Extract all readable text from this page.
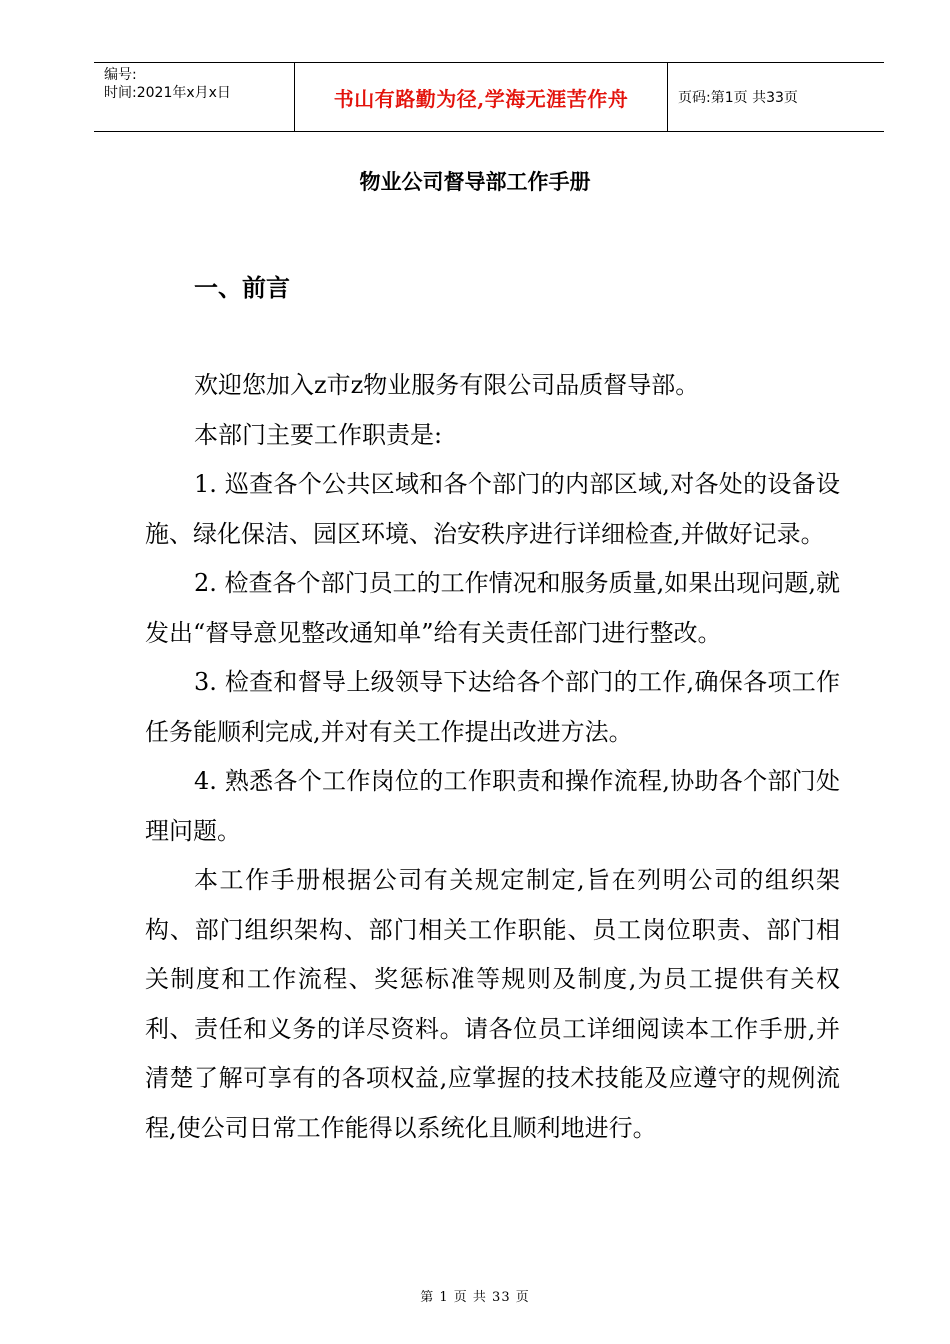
编号:
时间:2021年x月x日	书山有路勤为径,学海无涯苦作舟	页码:第1页 共33页
物业公司督导部工作手册
一、前言

欢迎您加入z市z物业服务有限公司品质督导部。

本部门主要工作职责是:

1. 巡查各个公共区域和各个部门的内部区域,对各处的设备设施、绿化保洁、园区环境、治安秩序进行详细检查,并做好记录。

2. 检查各个部门员工的工作情况和服务质量,如果出现问题,就发出“督导意见整改通知单”给有关责任部门进行整改。

3. 检查和督导上级领导下达给各个部门的工作,确保各项工作任务能顺利完成,并对有关工作提出改进方法。

4. 熟悉各个工作岗位的工作职责和操作流程,协助各个部门处理问题。

本工作手册根据公司有关规定制定,旨在列明公司的组织架构、部门组织架构、部门相关工作职能、员工岗位职责、部门相关制度和工作流程、奖惩标准等规则及制度,为员工提供有关权利、责任和义务的详尽资料。请各位员工详细阅读本工作手册,并清楚了解可享有的各项权益,应掌握的技术技能及应遵守的规例流程,使公司日常工作能得以系统化且顺利地进行。

第 1 页 共 33 页
